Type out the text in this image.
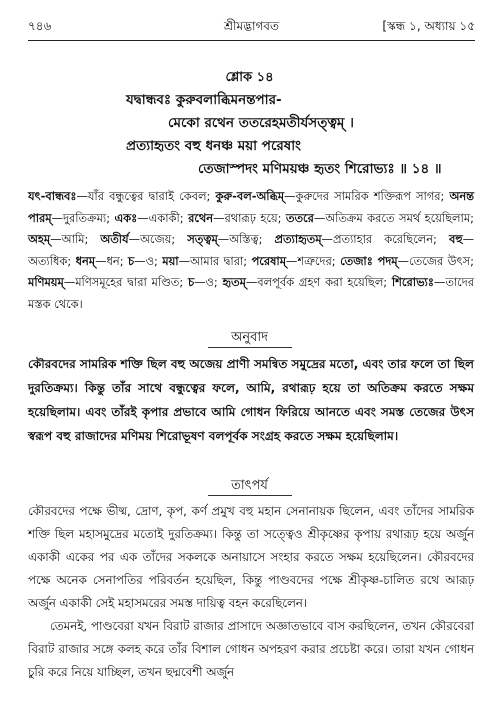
৭৪৬	শ্রীমদ্ভাগবত	[স্কন্ধ ১, অধ্যায় ১৫
শ্লোক ১৪
যদ্বান্ধবঃ কুরুবলাব্ধিমনন্তপার-
মেকো রথেন ততরেহমতীর্যসত্ত্বম্ ।
প্রত্যাহৃতং বহু ধনঞ্চ ময়া পরেষাং
তেজাস্পদং মণিময়ঞ্চ হৃতং শিরোভ্যঃ ॥ ১৪ ॥
যৎ-বান্ধবঃ—যাঁর বন্ধুত্বের দ্বারাই কেবল; কুরু-বল-অব্ধিম্—কুরুদের সামরিক শক্তিরূপ সাগর; অনন্ত পারম্—দুরতিক্রম্য; একঃ—একাকী; রথেন—রথারূঢ় হয়ে; ততরে—অতিক্রম করতে সমর্থ হয়েছিলাম; অহম্—আমি; অতীর্য—অজেয়; সত্ত্বম্—অস্তিত্ব; প্রত্যাহৃতম্—প্রত্যাহার করেছিলেন; বহু—অত্যধিক; ধনম্—ধন; চ—ও; ময়া—আমার দ্বারা; পরেষাম্—শত্রুদের; তেজাঃ পদম্—তেজের উৎস; মণিময়ম্—মণিসমূহের দ্বারা মণ্ডিত; চ—ও; হৃতম্—বলপূর্বক গ্রহণ করা হয়েছিল; শিরোভ্যঃ—তাদের মস্তক থেকে।
অনুবাদ
কৌরবদের সামরিক শক্তি ছিল বহু অজেয় প্রাণী সমন্বিত সমুদ্রের মতো, এবং তার ফলে তা ছিল দুরতিক্রম্য। কিন্তু তাঁর সাথে বন্ধুত্বের ফলে, আমি, রথারূঢ় হয়ে তা অতিক্রম করতে সক্ষম হয়েছিলাম। এবং তাঁরই কৃপার প্রভাবে আমি গোধন ফিরিয়ে আনতে এবং সমস্ত তেজের উৎস স্বরূপ বহু রাজাদের মণিময় শিরোভূষণ বলপূর্বক সংগ্রহ করতে সক্ষম হয়েছিলাম।
তাৎপর্য

কৌরবদের পক্ষে ভীষ্ম, দ্রোণ, কৃপ, কর্ণ প্রমুখ বহু মহান সেনানায়ক ছিলেন, এবং তাঁদের সামরিক শক্তি ছিল মহাসমুদ্রের মতোই দুরতিক্রম্য। কিন্তু তা সত্ত্বেও শ্রীকৃষ্ণের কৃপায় রথারূঢ় হয়ে অর্জুন একাকী একের পর এক তাঁদের সকলকে অনায়াসে সংহার করতে সক্ষম হয়েছিলেন। কৌরবদের পক্ষে অনেক সেনাপতির পরিবর্তন হয়েছিল, কিন্তু পাণ্ডবদের পক্ষে শ্রীকৃষ্ণ-চালিত রথে আরূঢ় অর্জুন একাকী সেই মহাসমরের সমস্ত দায়িত্ব বহন করেছিলেন।

তেমনই, পাণ্ডবেরা যখন বিরাট রাজার প্রাসাদে অজ্ঞাতভাবে বাস করছিলেন, তখন কৌরবেরা বিরাট রাজার সঙ্গে কলহ করে তাঁর বিশাল গোধন অপহরণ করার প্রচেষ্টা করে। তারা যখন গোধন চুরি করে নিয়ে যাচ্ছিল, তখন ছদ্মবেশী অর্জুন
